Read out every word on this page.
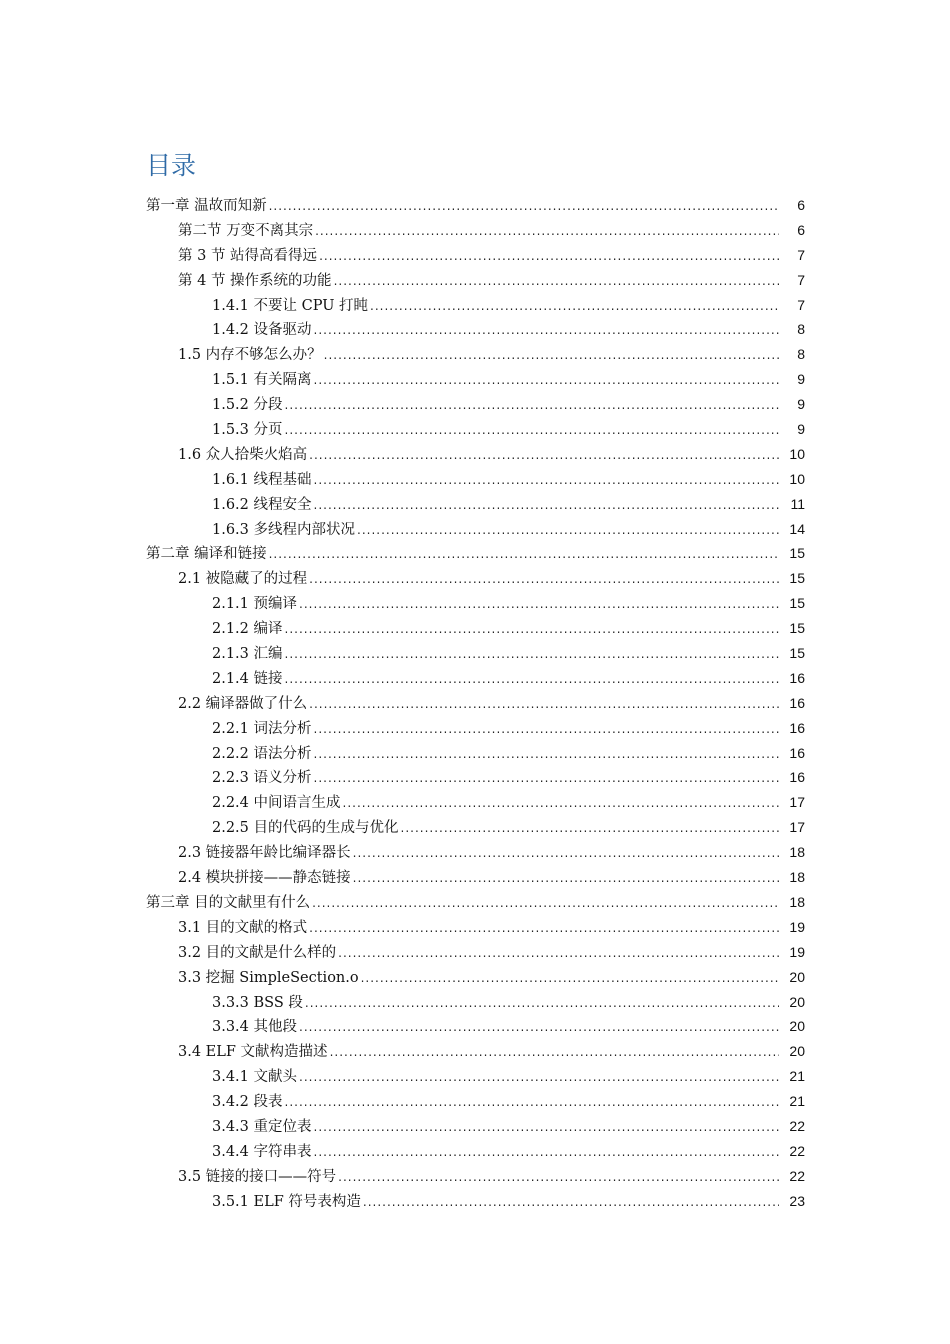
目录
第一章 温故而知新 .....	6
第二节 万变不离其宗 .....	6
第 3 节 站得高看得远 .....	7
第 4 节 操作系统的功能 .....	7
1.4.1 不要让 CPU 打盹 .....	7
1.4.2 设备驱动 .....	8
1.5 内存不够怎么办？ .....	8
1.5.1 有关隔离 .....	9
1.5.2 分段 .....	9
1.5.3 分页 .....	9
1.6 众人拾柴火焰高 .....	10
1.6.1 线程基础 .....	10
1.6.2 线程安全 .....	11
1.6.3 多线程内部状况 .....	14
第二章 编译和链接 .....	15
2.1 被隐藏了的过程 .....	15
2.1.1 预编译 .....	15
2.1.2 编译 .....	15
2.1.3 汇编 .....	15
2.1.4 链接 .....	16
2.2 编译器做了什么 .....	16
2.2.1 词法分析 .....	16
2.2.2 语法分析 .....	16
2.2.3 语义分析 .....	16
2.2.4 中间语言生成 .....	17
2.2.5 目的代码的生成与优化 .....	17
2.3 链接器年龄比编译器长 .....	18
2.4 模块拼接——静态链接 .....	18
第三章 目的文献里有什么 .....	18
3.1 目的文献的格式 .....	19
3.2 目的文献是什么样的 .....	19
3.3 挖掘 SimpleSection.o .....	20
3.3.3 BSS 段 .....	20
3.3.4 其他段 .....	20
3.4 ELF 文献构造描述 .....	20
3.4.1 文献头 .....	21
3.4.2 段表 .....	21
3.4.3 重定位表 .....	22
3.4.4 字符串表 .....	22
3.5 链接的接口——符号 .....	22
3.5.1 ELF 符号表构造 .....	23
